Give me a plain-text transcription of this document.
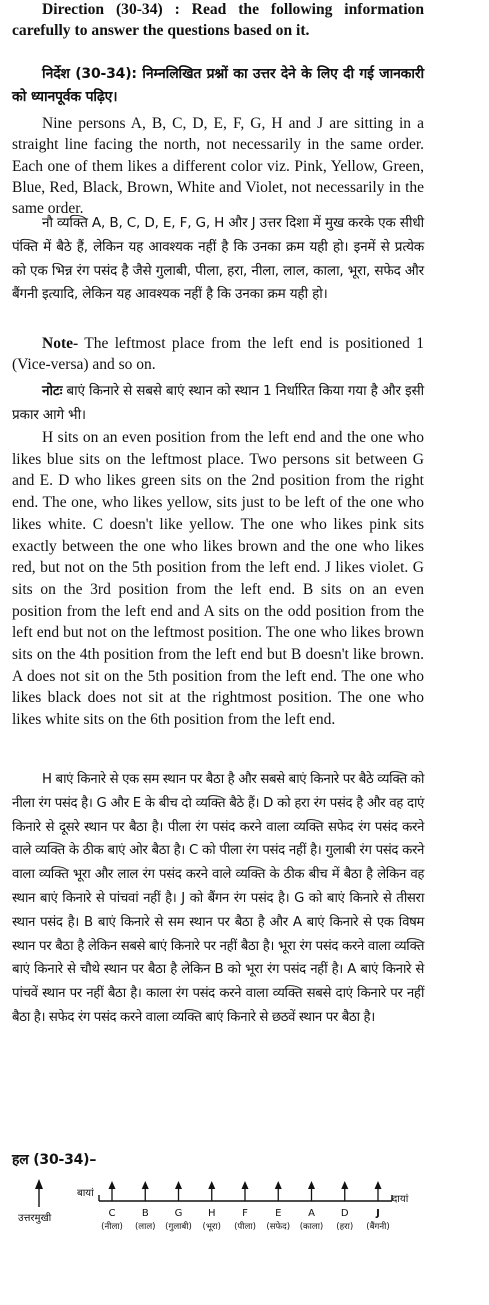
Direction (30-34) : Read the following information carefully to answer the questions based on it.
निर्देश (30-34): निम्नलिखित प्रश्नों का उत्तर देने के लिए दी गई जानकारी को ध्यानपूर्वक पढ़िए।
Nine persons A, B, C, D, E, F, G, H and J are sitting in a straight line facing the north, not necessarily in the same order. Each one of them likes a different color viz. Pink, Yellow, Green, Blue, Red, Black, Brown, White and Violet, not necessarily in the same order.
नौ व्यक्ति A, B, C, D, E, F, G, H और J उत्तर दिशा में मुख करके एक सीधी पंक्ति में बैठे हैं, लेकिन यह आवश्यक नहीं है कि उनका क्रम यही हो। इनमें से प्रत्येक को एक भिन्न रंग पसंद है जैसे गुलाबी, पीला, हरा, नीला, लाल, काला, भूरा, सफेद और बैंगनी इत्यादि, लेकिन यह आवश्यक नहीं है कि उनका क्रम यही हो।
Note- The leftmost place from the left end is positioned 1 (Vice-versa) and so on.
नोटः बाएं किनारे से सबसे बाएं स्थान को स्थान 1 निर्धारित किया गया है और इसी प्रकार आगे भी।
H sits on an even position from the left end and the one who likes blue sits on the leftmost place. Two persons sit between G and E. D who likes green sits on the 2nd position from the right end. The one, who likes yellow, sits just to be left of the one who likes white. C doesn't like yellow. The one who likes pink sits exactly between the one who likes brown and the one who likes red, but not on the 5th position from the left end. J likes violet. G sits on the 3rd position from the left end. B sits on an even position from the left end and A sits on the odd position from the left end but not on the leftmost position. The one who likes brown sits on the 4th position from the left end but B doesn't like brown. A does not sit on the 5th position from the left end. The one who likes black does not sit at the rightmost position. The one who likes white sits on the 6th position from the left end.
H बाएं किनारे से एक सम स्थान पर बैठा है और सबसे बाएं किनारे पर बैठे व्यक्ति को नीला रंग पसंद है। G और E के बीच दो व्यक्ति बैठे हैं। D को हरा रंग पसंद है और वह दाएं किनारे से दूसरे स्थान पर बैठा है। पीला रंग पसंद करने वाला व्यक्ति सफेद रंग पसंद करने वाले व्यक्ति के ठीक बाएं ओर बैठा है। C को पीला रंग पसंद नहीं है। गुलाबी रंग पसंद करने वाला व्यक्ति भूरा और लाल रंग पसंद करने वाले व्यक्ति के ठीक बीच में बैठा है लेकिन वह स्थान बाएं किनारे से पांचवां नहीं है। J को बैंगन रंग पसंद है। G को बाएं किनारे से तीसरा स्थान पसंद है। B बाएं किनारे से सम स्थान पर बैठा है और A बाएं किनारे से एक विषम स्थान पर बैठा है लेकिन सबसे बाएं किनारे पर नहीं बैठा है। भूरा रंग पसंद करने वाला व्यक्ति बाएं किनारे से चौथे स्थान पर बैठा है लेकिन B को भूरा रंग पसंद नहीं है। A बाएं किनारे से पांचवें स्थान पर नहीं बैठा है। काला रंग पसंद करने वाला व्यक्ति सबसे दाएं किनारे पर नहीं बैठा है। सफेद रंग पसंद करने वाला व्यक्ति बाएं किनारे से छठवें स्थान पर बैठा है।
हल (30-34)–
उत्तरमुखी
बायां
दायां
C
(नीला)
B
(लाल)
G
(गुलाबी)
H
(भूरा)
F
(पीला)
E
(सफेद)
A
(काला)
D
(हरा)
J
(बैंगनी)
